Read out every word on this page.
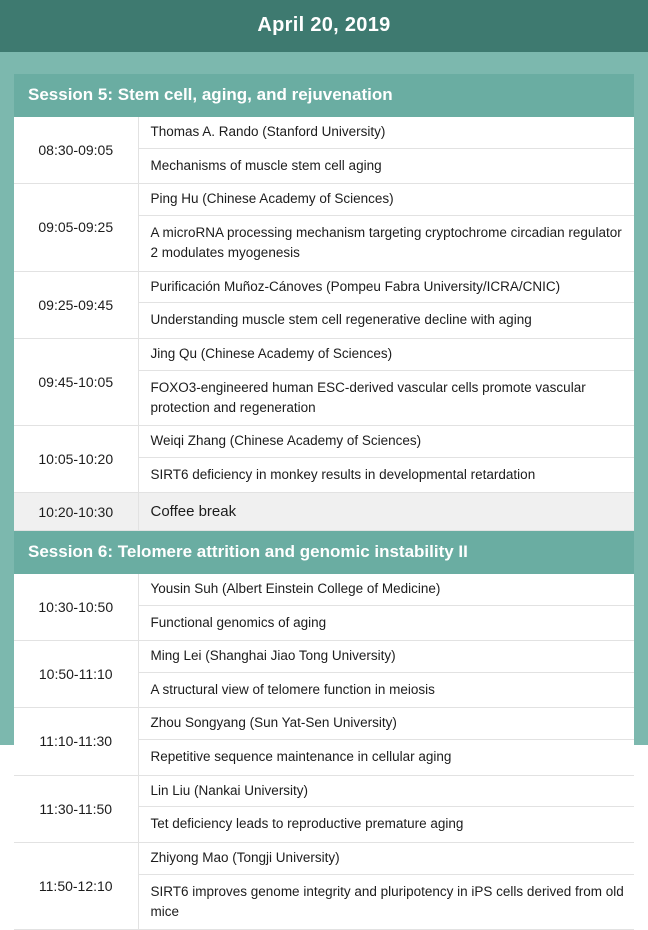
April 20, 2019
Session 5: Stem cell, aging, and rejuvenation
08:30-09:05	Thomas A. Rando (Stanford University)
Mechanisms of muscle stem cell aging

09:05-09:25	Ping Hu (Chinese Academy of Sciences)
A microRNA processing mechanism targeting cryptochrome circadian regulator 2 modulates myogenesis

09:25-09:45	Purificación Muñoz-Cánoves (Pompeu Fabra University/ICRA/CNIC)
Understanding muscle stem cell regenerative decline with aging

09:45-10:05	Jing Qu (Chinese Academy of Sciences)
FOXO3-engineered human ESC-derived vascular cells promote vascular protection and regeneration

10:05-10:20	Weiqi Zhang (Chinese Academy of Sciences)
SIRT6 deficiency in monkey results in developmental retardation

10:20-10:30	Coffee break
Session 6: Telomere attrition and genomic instability II
10:30-10:50	Yousin Suh (Albert Einstein College of Medicine)
Functional genomics of aging

10:50-11:10	Ming Lei (Shanghai Jiao Tong University)
A structural view of telomere function in meiosis

11:10-11:30	Zhou Songyang (Sun Yat-Sen University)
Repetitive sequence maintenance in cellular aging

11:30-11:50	Lin Liu (Nankai University)
Tet deficiency leads to reproductive premature aging

11:50-12:10	Zhiyong Mao (Tongji University)
SIRT6 improves genome integrity and pluripotency in iPS cells derived from old mice
